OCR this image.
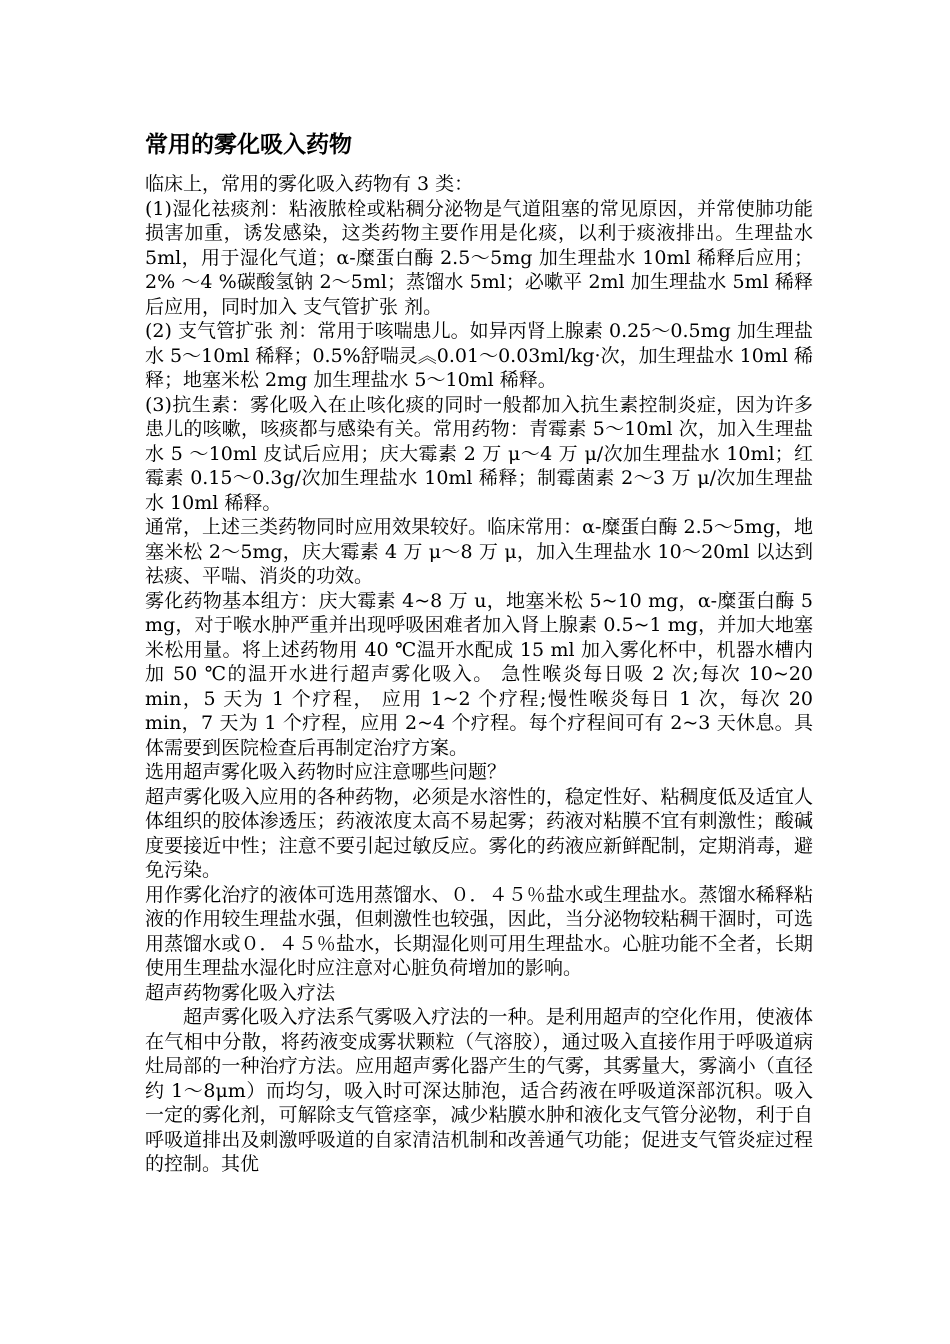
常用的雾化吸入药物

临床上，常用的雾化吸入药物有 3 类：

(1)湿化祛痰剂：粘液脓栓或粘稠分泌物是气道阻塞的常见原因，并常使肺功能损害加重，诱发感染，这类药物主要作用是化痰，以利于痰液排出。生理盐水 5ml，用于湿化气道；α-糜蛋白酶 2.5～5mg 加生理盐水 10ml 稀释后应用；2% ～4 %碳酸氢钠 2～5ml；蒸馏水 5ml；必嗽平 2ml 加生理盐水 5ml 稀释后应用，同时加入 支气管扩张 剂。

(2) 支气管扩张 剂：常用于咳喘患儿。如异丙肾上腺素 0.25～0.5mg 加生理盐水 5～10ml 稀释；0.5%舒喘灵︽0.01～0.03ml/kg·次，加生理盐水 10ml 稀释；地塞米松 2mg 加生理盐水 5～10ml 稀释。

(3)抗生素：雾化吸入在止咳化痰的同时一般都加入抗生素控制炎症，因为许多患儿的咳嗽，咳痰都与感染有关。常用药物：青霉素 5～10ml 次，加入生理盐水 5 ～10ml 皮试后应用；庆大霉素 2 万 μ～4 万 μ/次加生理盐水 10ml；红霉素 0.15～0.3g/次加生理盐水 10ml 稀释；制霉菌素 2～3 万 μ/次加生理盐水 10ml 稀释。

通常，上述三类药物同时应用效果较好。临床常用：α-糜蛋白酶 2.5～5mg，地塞米松 2～5mg，庆大霉素 4 万 μ～8 万 μ，加入生理盐水 10～20ml 以达到祛痰、平喘、消炎的功效。

雾化药物基本组方：庆大霉素 4~8 万 u，地塞米松 5~10 mg，α-糜蛋白酶 5 mg，对于喉水肿严重并出现呼吸困难者加入肾上腺素 0.5~1 mg，并加大地塞米松用量。将上述药物用 40 ℃温开水配成 15 ml 加入雾化杯中，机器水槽内加 50 ℃的温开水进行超声雾化吸入。 急性喉炎每日吸 2 次;每次 10~20 min，5 天为 1 个疗程， 应用 1~2 个疗程;慢性喉炎每日 1 次，每次 20 min，7 天为 1 个疗程，应用 2~4 个疗程。每个疗程间可有 2~3 天休息。具体需要到医院检查后再制定治疗方案。

选用超声雾化吸入药物时应注意哪些问题？

超声雾化吸入应用的各种药物，必须是水溶性的，稳定性好、粘稠度低及适宜人体组织的胶体渗透压；药液浓度太高不易起雾；药液对粘膜不宜有刺激性；酸碱度要接近中性；注意不要引起过敏反应。雾化的药液应新鲜配制，定期消毒，避免污染。

用作雾化治疗的液体可选用蒸馏水、０．４５％盐水或生理盐水。蒸馏水稀释粘液的作用较生理盐水强，但刺激性也较强，因此，当分泌物较粘稠干涸时，可选用蒸馏水或０．４５％盐水，长期湿化则可用生理盐水。心脏功能不全者，长期使用生理盐水湿化时应注意对心脏负荷增加的影响。

超声药物雾化吸入疗法

超声雾化吸入疗法系气雾吸入疗法的一种。是利用超声的空化作用，使液体在气相中分散，将药液变成雾状颗粒（气溶胶），通过吸入直接作用于呼吸道病灶局部的一种治疗方法。应用超声雾化器产生的气雾，其雾量大，雾滴小（直径约 1～8μm）而均匀，吸入时可深达肺泡，适合药液在呼吸道深部沉积。吸入一定的雾化剂，可解除支气管痉挛，减少粘膜水肿和液化支气管分泌物，利于自呼吸道排出及刺激呼吸道的自家清洁机制和改善通气功能；促进支气管炎症过程的控制。其优
